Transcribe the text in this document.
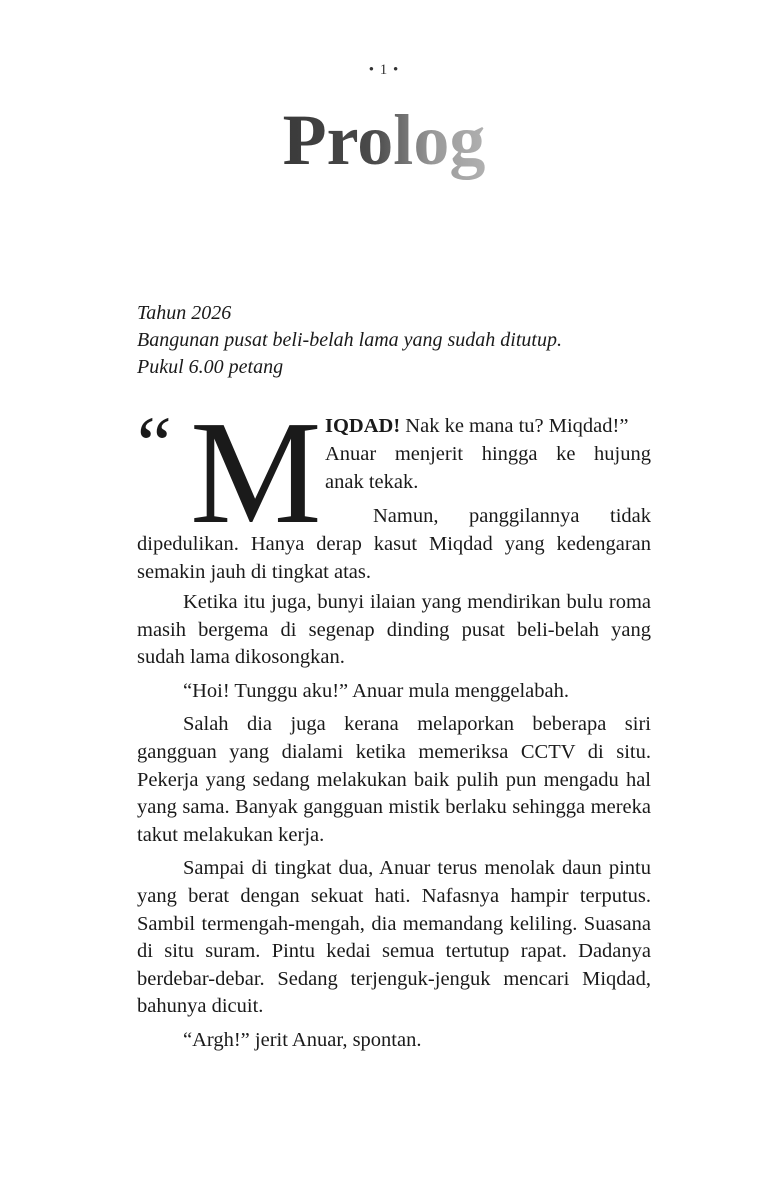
• 1 •
Prolog
Tahun 2026
Bangunan pusat beli-belah lama yang sudah ditutup.
Pukul 6.00 petang
“ M IQDAD! Nak ke mana tu? Miqdad!”
Anuar menjerit hingga ke hujung
anak tekak.
Namun, panggilannya tidak
dipedulikan. Hanya derap kasut Miqdad yang kedengaran
semakin jauh di tingkat atas.

Ketika itu juga, bunyi ilaian yang mendirikan bulu roma masih bergema di segenap dinding pusat beli-belah yang sudah lama dikosongkan.

“Hoi! Tunggu aku!” Anuar mula menggelabah.

Salah dia juga kerana melaporkan beberapa siri gangguan yang dialami ketika memeriksa CCTV di situ. Pekerja yang sedang melakukan baik pulih pun mengadu hal yang sama. Banyak gangguan mistik berlaku sehingga mereka takut melakukan kerja.

Sampai di tingkat dua, Anuar terus menolak daun pintu yang berat dengan sekuat hati. Nafasnya hampir terputus. Sambil termengah-mengah, dia memandang keliling. Suasana di situ suram. Pintu kedai semua tertutup rapat. Dadanya berdebar-debar. Sedang terjenguk-jenguk mencari Miqdad, bahunya dicuit.

“Argh!” jerit Anuar, spontan.
